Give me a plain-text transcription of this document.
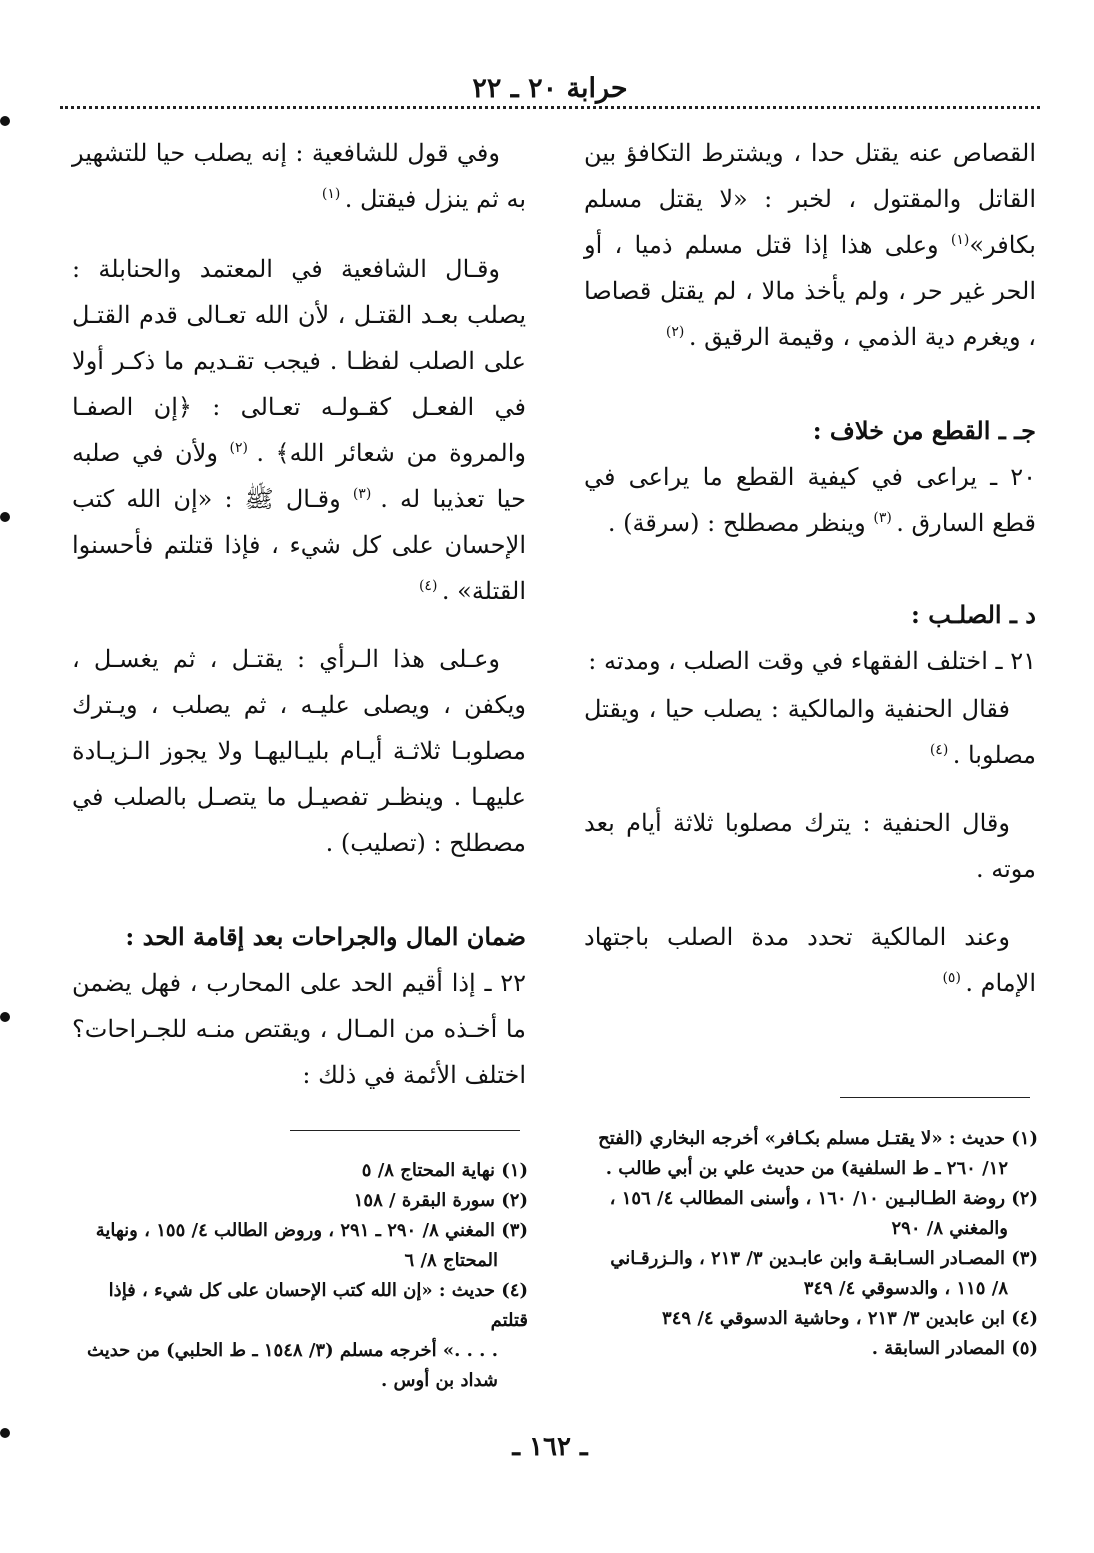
حرابة ٢٠ ـ ٢٢

القصاص عنه يقتل حدا ، ويشترط التكافؤ بين القاتل والمقتول ، لخبر : «لا يقتل مسلم بكافر»$^{(١)}$ وعلى هذا إذا قتل مسلم ذميا ، أو الحر غير حر ، ولم يأخذ مالا ، لم يقتل قصاصا ، ويغرم دية الذمي ، وقيمة الرقيق . $^{(٢)}$

جـ ـ القطع من خلاف :

٢٠ ـ يراعى في كيفية القطع ما يراعى في قطع السارق . $^{(٣)}$ وينظر مصطلح : (سرقة) .

د ـ الصلـب :

٢١ ـ اختلف الفقهاء في وقت الصلب ، ومدته :

فقال الحنفية والمالكية : يصلب حيا ، ويقتل مصلوبا . $^{(٤)}$

وقال الحنفية : يترك مصلوبا ثلاثة أيام بعد موته .

وعند المالكية تحدد مدة الصلب باجتهاد الإمام . $^{(٥)}$

وفي قول للشافعية : إنه يصلب حيا للتشهير به ثم ينزل فيقتل . $^{(١)}$

وقـال الشافعية في المعتمد والحنابلة : يصلب بعـد القتـل ، لأن الله تعـالى قدم القتـل على الصلب لفظـا . فيجب تقـديم ما ذكـر أولا في الفعـل كقـولـه تعـالى : ﴿إن الصفـا والمروة من شعائر الله﴾ . $^{(٢)}$ ولأن في صلبه حيا تعذيبا له . $^{(٣)}$ وقـال ﷺ : «إن الله كتب الإحسان على كل شيء ، فإذا قتلتم فأحسنوا القتلة» . $^{(٤)}$

وعـلى هذا الـرأي : يقتـل ، ثم يغسـل ، ويكفن ، ويصلى عليـه ، ثم يصلب ، ويـترك مصلوبـا ثلاثـة أيـام بليـاليهـا ولا يجوز الـزيـادة عليهـا . وينظـر تفصيـل ما يتصـل بالصلب في مصطلح : (تصليب) .

ضمان المال والجراحات بعد إقامة الحد :

٢٢ ـ إذا أقيم الحد على المحارب ، فهل يضمن ما أخـذه من المـال ، ويقتص منـه للجـراحات؟ اختلف الأئمة في ذلك :

(١) حديث : «لا يقتـل مسلم بكـافر» أخرجه البخاري (الفتح

١٢/ ٢٦٠ ـ ط السلفية) من حديث علي بن أبي طالب .

(٢) روضة الطـالبـين ١٠/ ١٦٠ ، وأسنى المطالب ٤/ ١٥٦ ،

والمغني ٨/ ٢٩٠

(٣) المصـادر السـابقـة وابن عابـدين ٣/ ٢١٣ ، والـزرقـاني

٨/ ١١٥ ، والدسوقي ٤/ ٣٤٩

(٤) ابن عابدين ٣/ ٢١٣ ، وحاشية الدسوقي ٤/ ٣٤٩

(٥) المصادر السابقة .

(١) نهاية المحتاج ٨/ ٥

(٢) سورة البقرة / ١٥٨

(٣) المغني ٨/ ٢٩٠ ـ ٢٩١ ، وروض الطالب ٤/ ١٥٥ ، ونهاية

المحتاج ٨/ ٦

(٤) حديث : «إن الله كتب الإحسان على كل شيء ، فإذا قتلتم

. . . .» أخرجه مسلم (٣/ ١٥٤٨ ـ ط الحلبي) من حديث

شداد بن أوس .

ـ ١٦٢ ـ
